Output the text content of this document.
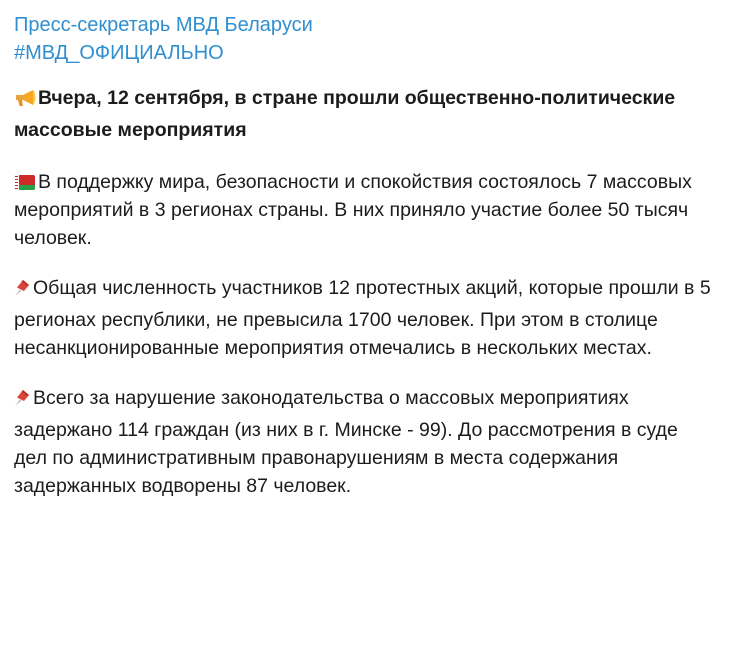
Пресс-секретарь МВД Беларуси
#МВД_ОФИЦИАЛЬНО

Вчера, 12 сентября, в стране прошли общественно-политические массовые мероприятия

В поддержку мира, безопасности и спокойствия состоялось 7 массовых мероприятий в 3 регионах страны. В них приняло участие более 50 тысяч человек.

Общая численность участников 12 протестных акций, которые прошли в 5 регионах республики, не превысила 1700 человек. При этом в столице несанкционированные мероприятия отмечались в нескольких местах.

Всего за нарушение законодательства о массовых мероприятиях задержано 114 граждан (из них в г. Минске - 99). До рассмотрения в суде дел по административным правонарушениям в места содержания задержанных водворены 87 человек.
